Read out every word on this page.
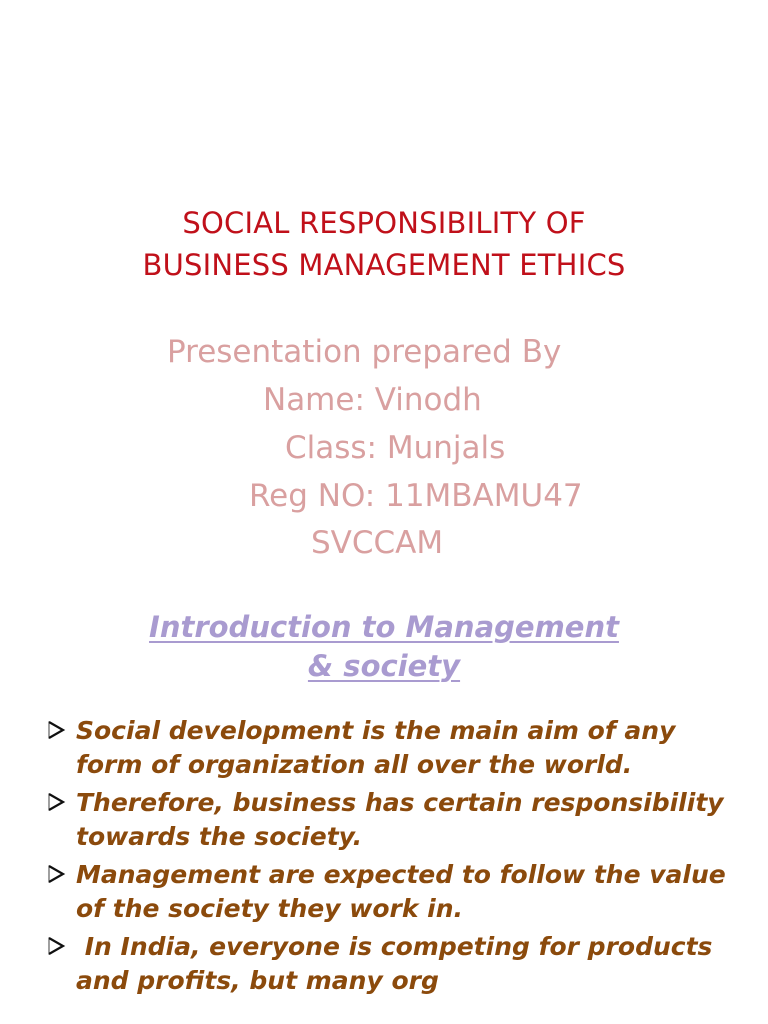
SOCIAL RESPONSIBILITY OF
BUSINESS MANAGEMENT ETHICS
Presentation prepared By
Name: Vinodh
Class: Munjals
Reg NO: 11MBAMU47
SVCCAM
Introduction to Management
& society
Social development is the main aim of any form of organization all over the world.
Therefore, business has certain responsibility towards the society.
Management are expected to follow the value of the society they work in.
In India, everyone is competing for products and profits, but many org
